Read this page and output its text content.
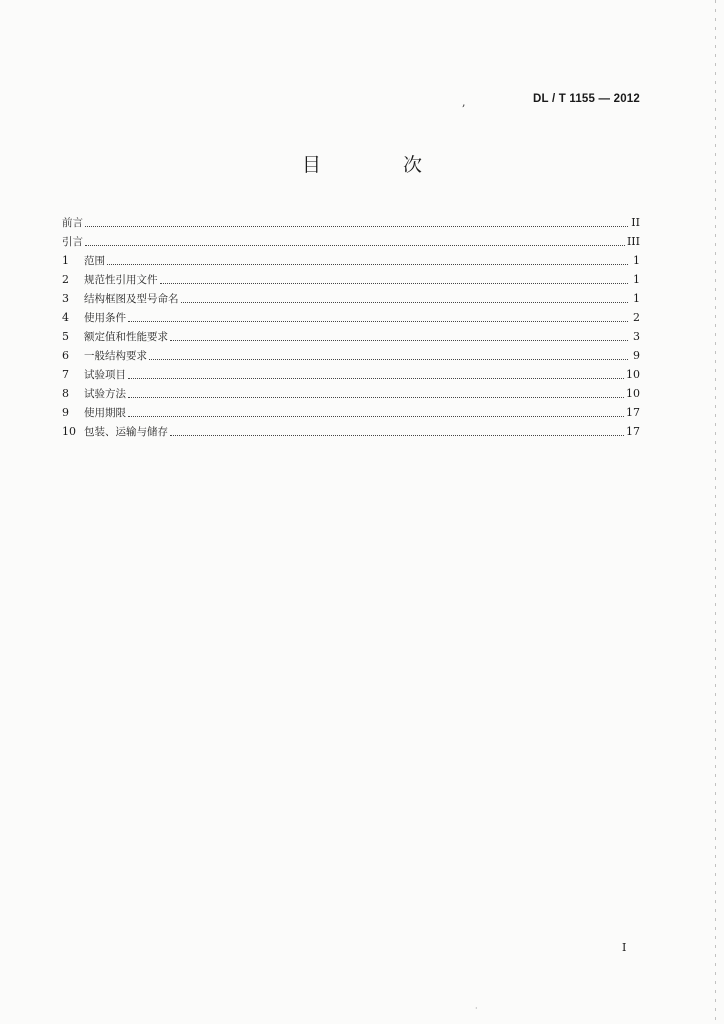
,	DL / T 1155 — 2012
目 次
前言	II
引言	III
1	范围	1
2	规范性引用文件	1
3	结构框图及型号命名	1
4	使用条件	2
5	额定值和性能要求	3
6	一般结构要求	9
7	试验项目	10
8	试验方法	10
9	使用期限	17
10 包装、运输与储存	17
I
·
